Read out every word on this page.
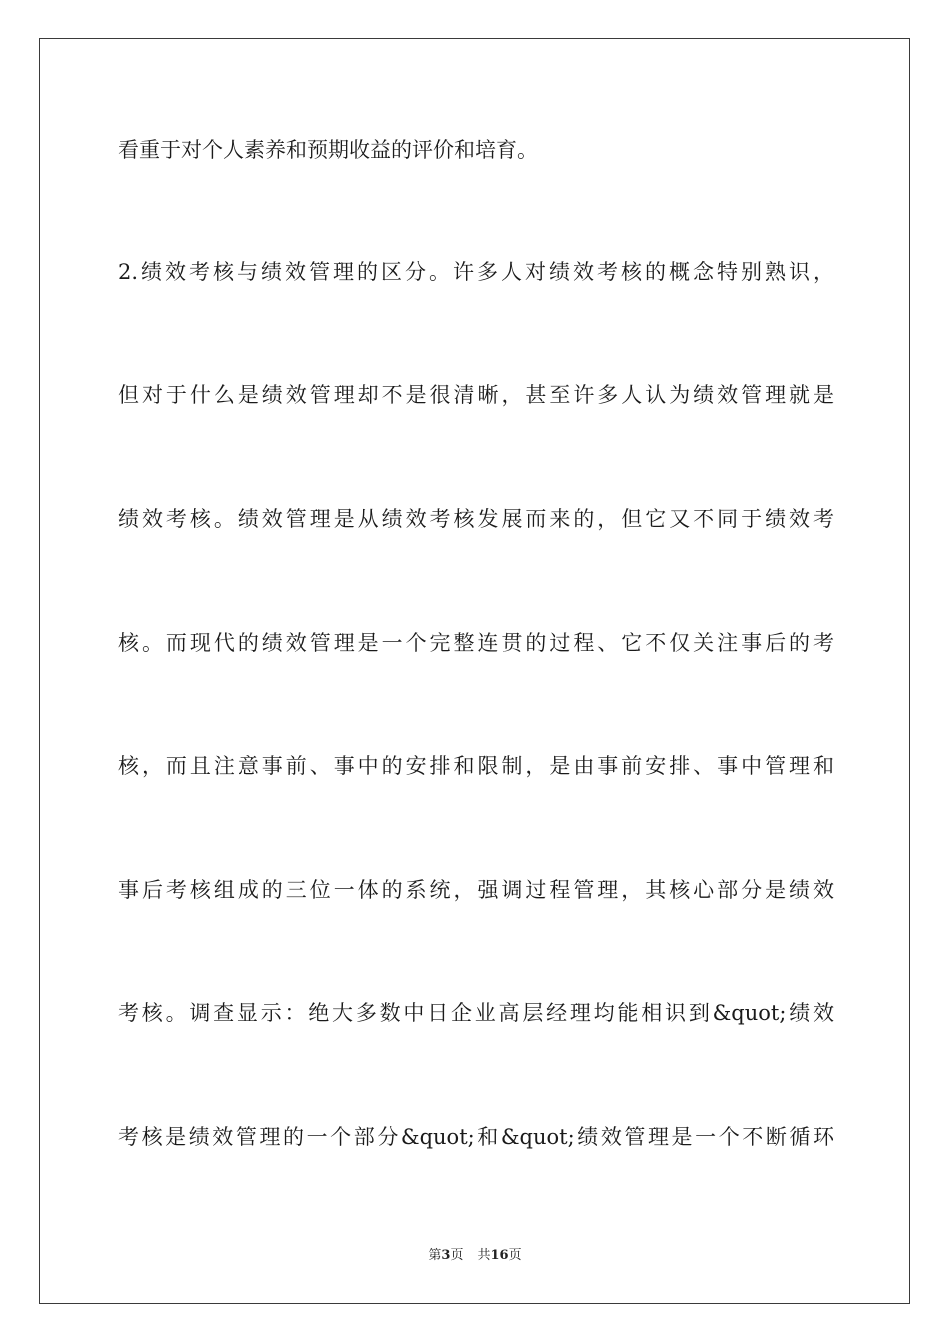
看重于对个人素养和预期收益的评价和培育。
2.绩效考核与绩效管理的区分。许多人对绩效考核的概念特别熟识，
但对于什么是绩效管理却不是很清晰，甚至许多人认为绩效管理就是
绩效考核。绩效管理是从绩效考核发展而来的，但它又不同于绩效考
核。而现代的绩效管理是一个完整连贯的过程、它不仅关注事后的考
核，而且注意事前、事中的安排和限制，是由事前安排、事中管理和
事后考核组成的三位一体的系统，强调过程管理，其核心部分是绩效
考核。调查显示：绝大多数中日企业高层经理均能相识到&quot;绩效
考核是绩效管理的一个部分&quot;和&quot;绩效管理是一个不断循环
第3页 共16页
